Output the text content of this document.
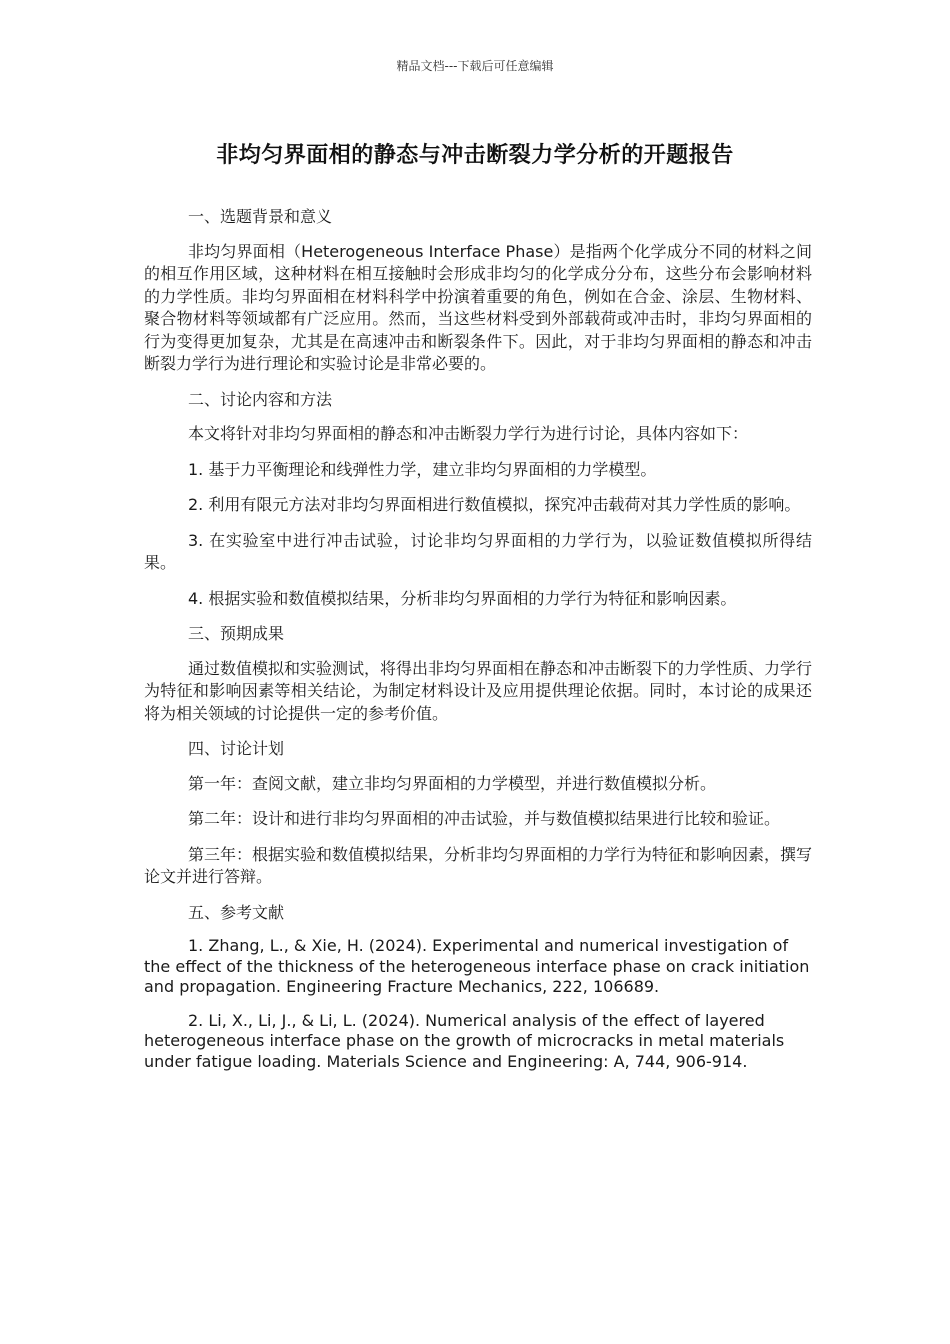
精品文档---下载后可任意编辑
非均匀界面相的静态与冲击断裂力学分析的开题报告

一、选题背景和意义

非均匀界面相（Heterogeneous Interface Phase）是指两个化学成分不同的材料之间的相互作用区域，这种材料在相互接触时会形成非均匀的化学成分分布，这些分布会影响材料的力学性质。非均匀界面相在材料科学中扮演着重要的角色，例如在合金、涂层、生物材料、聚合物材料等领域都有广泛应用。然而，当这些材料受到外部载荷或冲击时，非均匀界面相的行为变得更加复杂，尤其是在高速冲击和断裂条件下。因此，对于非均匀界面相的静态和冲击断裂力学行为进行理论和实验讨论是非常必要的。

二、讨论内容和方法

本文将针对非均匀界面相的静态和冲击断裂力学行为进行讨论，具体内容如下：

1. 基于力平衡理论和线弹性力学，建立非均匀界面相的力学模型。

2. 利用有限元方法对非均匀界面相进行数值模拟，探究冲击载荷对其力学性质的影响。

3. 在实验室中进行冲击试验，讨论非均匀界面相的力学行为，以验证数值模拟所得结果。

4. 根据实验和数值模拟结果，分析非均匀界面相的力学行为特征和影响因素。

三、预期成果

通过数值模拟和实验测试，将得出非均匀界面相在静态和冲击断裂下的力学性质、力学行为特征和影响因素等相关结论，为制定材料设计及应用提供理论依据。同时，本讨论的成果还将为相关领域的讨论提供一定的参考价值。

四、讨论计划

第一年：查阅文献，建立非均匀界面相的力学模型，并进行数值模拟分析。

第二年：设计和进行非均匀界面相的冲击试验，并与数值模拟结果进行比较和验证。

第三年：根据实验和数值模拟结果，分析非均匀界面相的力学行为特征和影响因素，撰写论文并进行答辩。

五、参考文献

1. Zhang, L., & Xie, H. (2024). Experimental and numerical investigation of the effect of the thickness of the heterogeneous interface phase on crack initiation and propagation. Engineering Fracture Mechanics, 222, 106689.

2. Li, X., Li, J., & Li, L. (2024). Numerical analysis of the effect of layered heterogeneous interface phase on the growth of microcracks in metal materials under fatigue loading. Materials Science and Engineering: A, 744, 906-914.
